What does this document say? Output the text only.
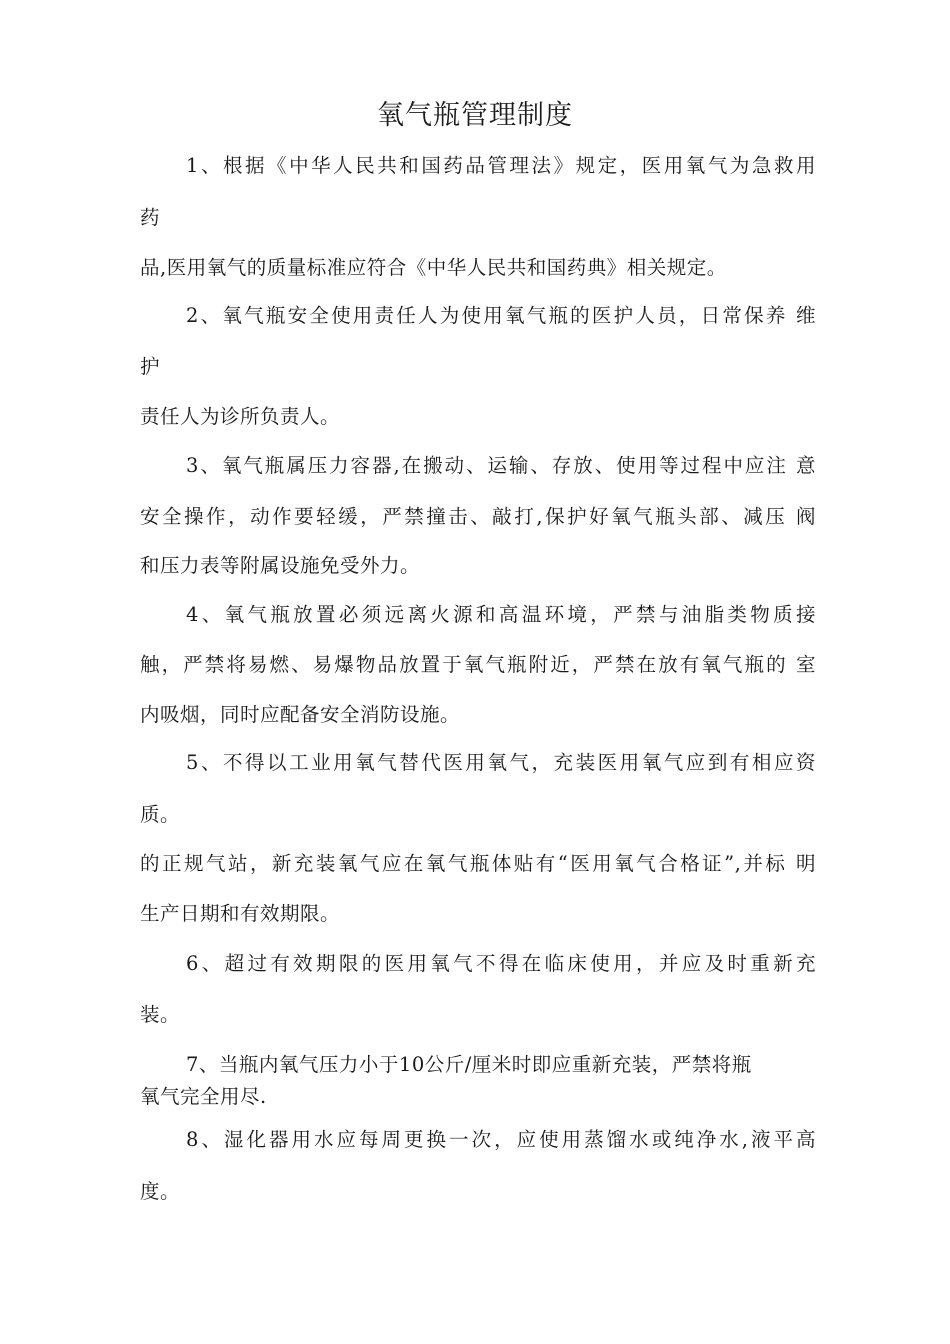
氧气瓶管理制度
1、根据《中华人民共和国药品管理法》规定，医用氧气为急救用
药
品,医用氧气的质量标准应符合《中华人民共和国药典》相关规定。
2、氧气瓶安全使用责任人为使用氧气瓶的医护人员，日常保养 维
护
责任人为诊所负责人。
3、氧气瓶属压力容器,在搬动、运输、存放、使用等过程中应注 意
安全操作，动作要轻缓，严禁撞击、敲打,保护好氧气瓶头部、减压 阀
和压力表等附属设施免受外力。
4、氧气瓶放置必须远离火源和高温环境，严禁与油脂类物质接
触，严禁将易燃、易爆物品放置于氧气瓶附近，严禁在放有氧气瓶的 室
内吸烟，同时应配备安全消防设施。
5、不得以工业用氧气替代医用氧气，充装医用氧气应到有相应资
质。
的正规气站，新充装氧气应在氧气瓶体贴有“医用氧气合格证”,并标 明
生产日期和有效期限。
6、超过有效期限的医用氧气不得在临床使用，并应及时重新充
装。
7、当瓶内氧气压力小于10公斤/厘米时即应重新充装，严禁将瓶
氧气完全用尽.
8、湿化器用水应每周更换一次，应使用蒸馏水或纯净水,液平高
度。
